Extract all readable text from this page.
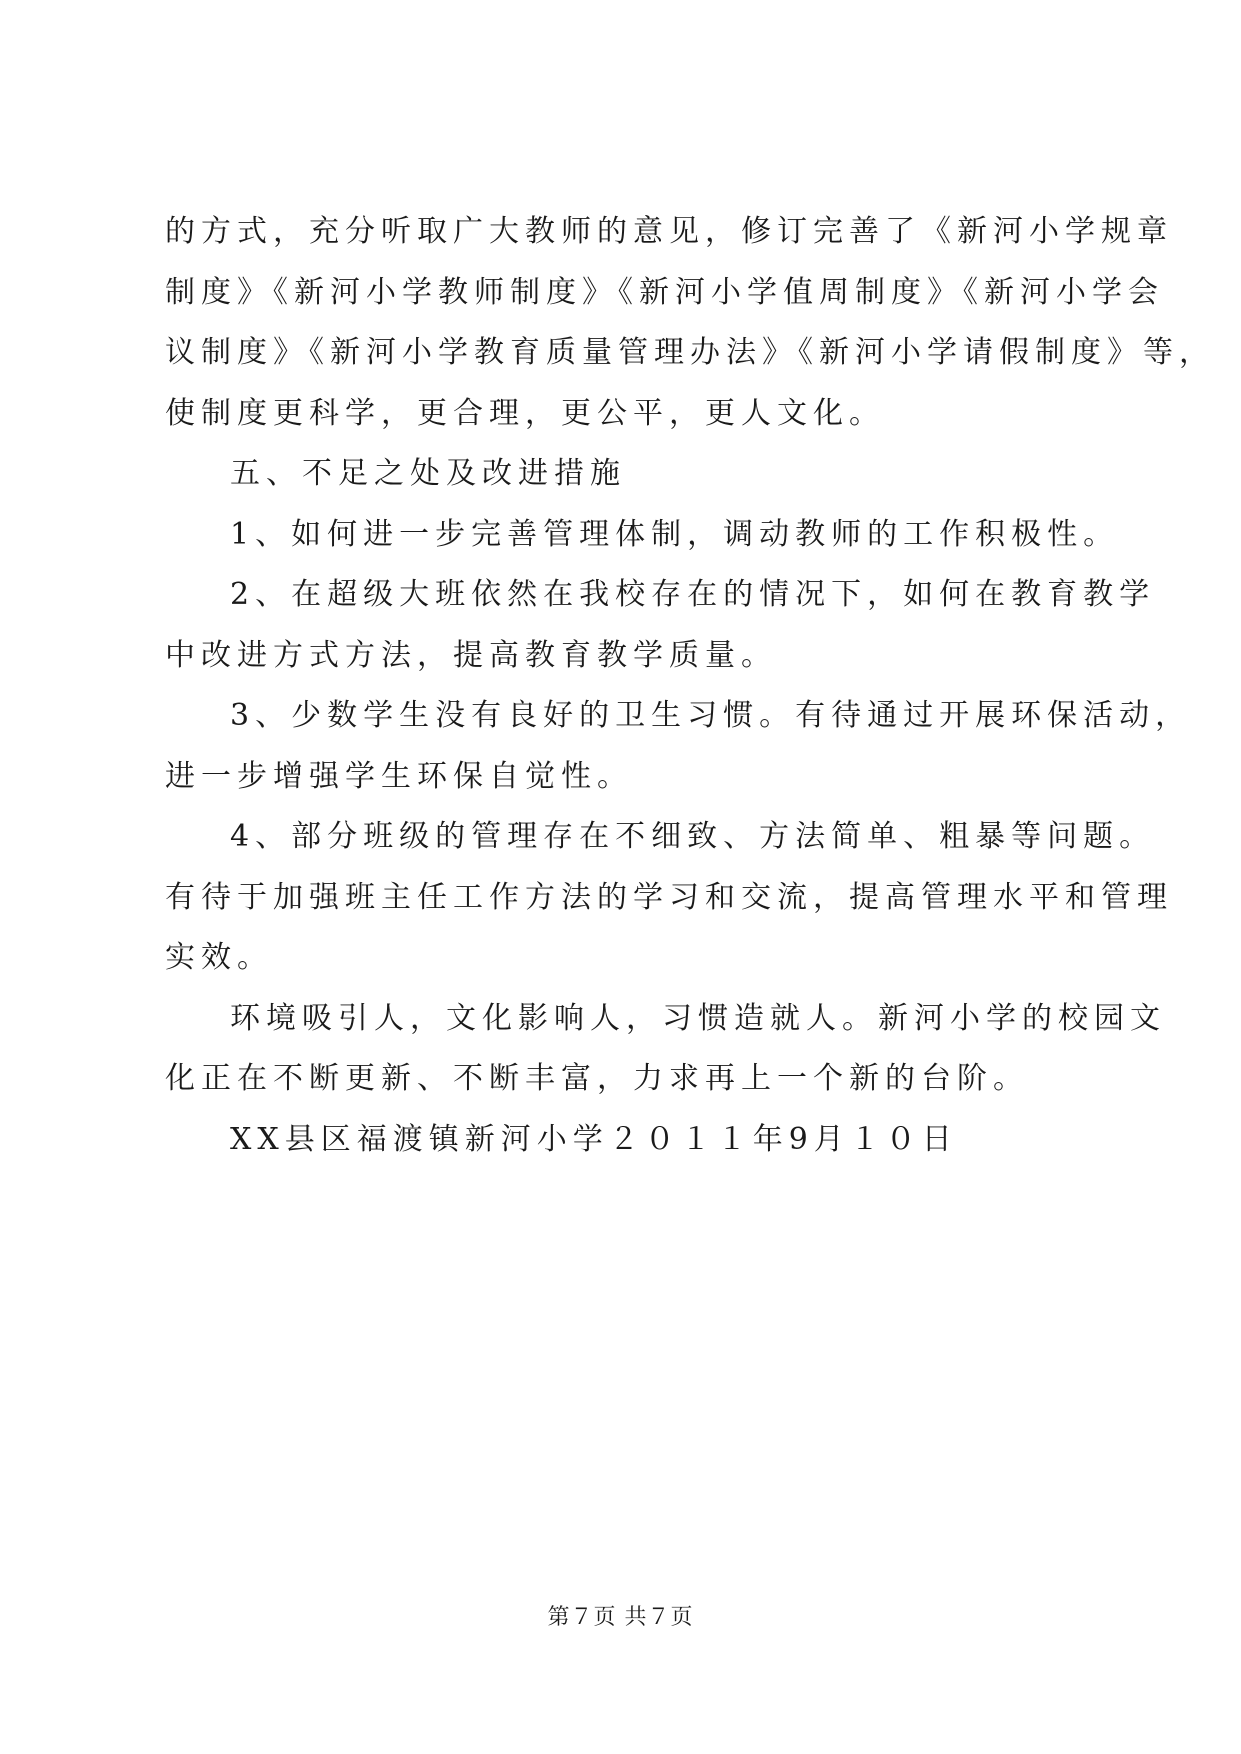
的方式，充分听取广大教师的意见，修订完善了《新河小学规章
制度》《新河小学教师制度》《新河小学值周制度》《新河小学会
议制度》《新河小学教育质量管理办法》《新河小学请假制度》等，
使制度更科学，更合理，更公平，更人文化。
五、不足之处及改进措施
1、如何进一步完善管理体制，调动教师的工作积极性。
2、在超级大班依然在我校存在的情况下，如何在教育教学
中改进方式方法，提高教育教学质量。
3、少数学生没有良好的卫生习惯。有待通过开展环保活动，
进一步增强学生环保自觉性。
4、部分班级的管理存在不细致、方法简单、粗暴等问题。
有待于加强班主任工作方法的学习和交流，提高管理水平和管理
实效。
环境吸引人，文化影响人，习惯造就人。新河小学的校园文
化正在不断更新、不断丰富，力求再上一个新的台阶。
XX县区福渡镇新河小学２０１１年9月１０日
第７页 共７页
